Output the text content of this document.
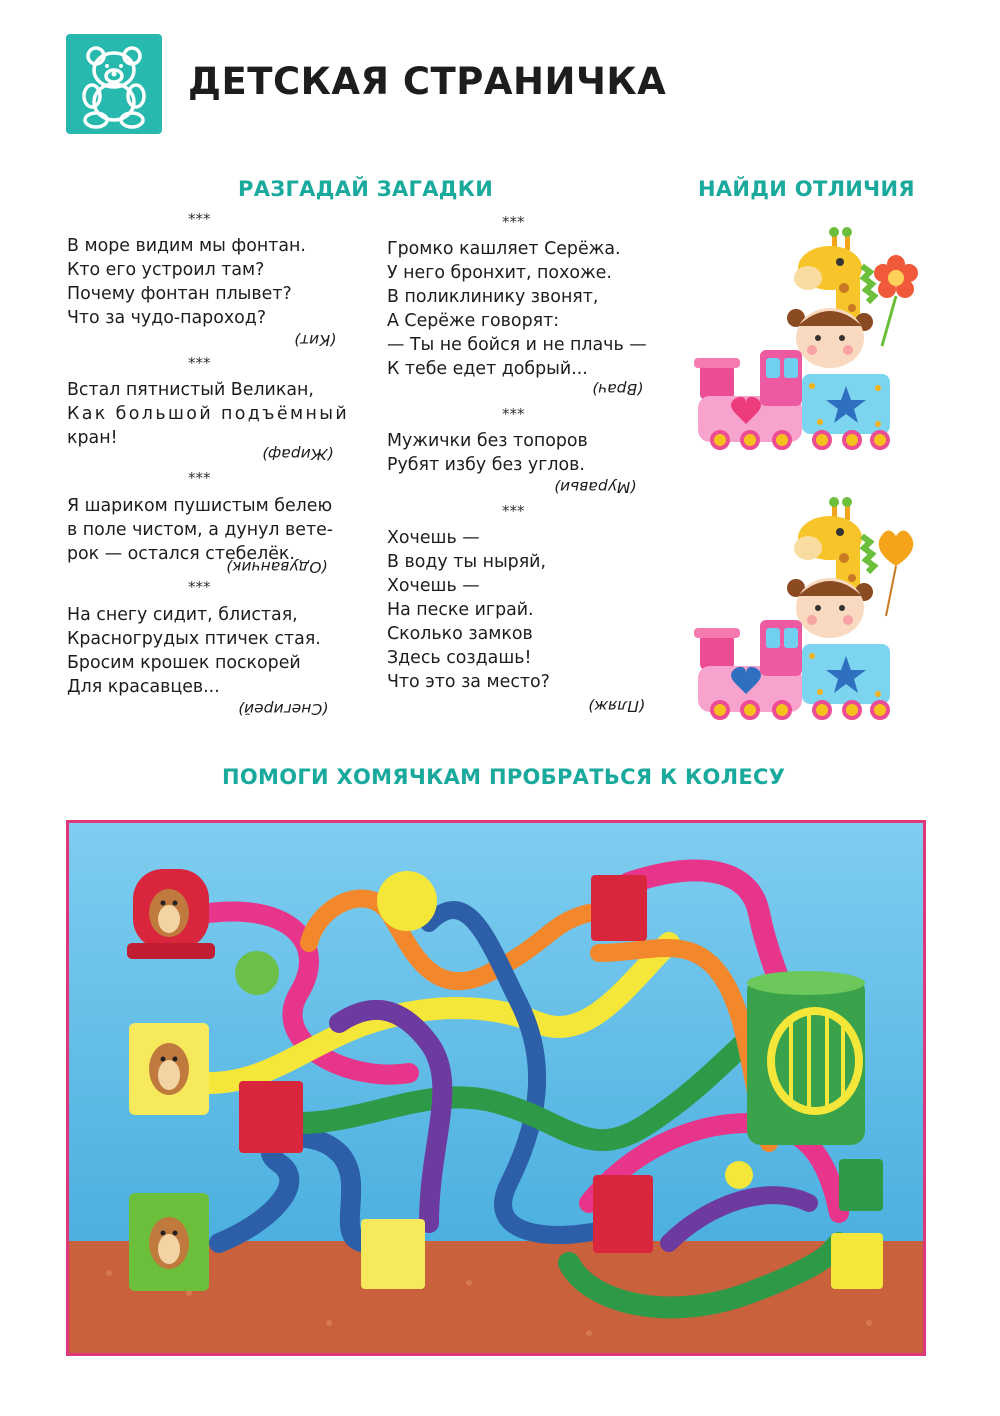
ДЕТСКАЯ СТРАНИЧКА
РАЗГАДАЙ ЗАГАДКИ	НАЙДИ ОТЛИЧИЯ
ПОМОГИ ХОМЯЧКАМ ПРОБРАТЬСЯ К КОЛЕСУ
***
В море видим мы фонтан.
Кто его устроил там?
Почему фонтан плывет?
Что за чудо-пароход?
(Кит)
***
Встал пятнистый Великан,
Как большой подъёмный
кран!
(Жираф)
***
Я шариком пушистым белею
в поле чистом, а дунул вете-
рок — остался стебелёк.
(Одуванчик)
***
На снегу сидит, блистая,
Красногрудых птичек стая.
Бросим крошек поскорей
Для красавцев...
(Снегирей)
***
Громко кашляет Серёжа.
У него бронхит, похоже.
В поликлинику звонят,
А Серёже говорят:
— Ты не бойся и не плачь —
К тебе едет добрый...
(Врач)
***
Мужички без топоров
Рубят избу без углов.
(Муравьи)
***
Хочешь —
В воду ты ныряй,
Хочешь —
На песке играй.
Сколько замков
Здесь создашь!
Что это за место?
(Пляж)
